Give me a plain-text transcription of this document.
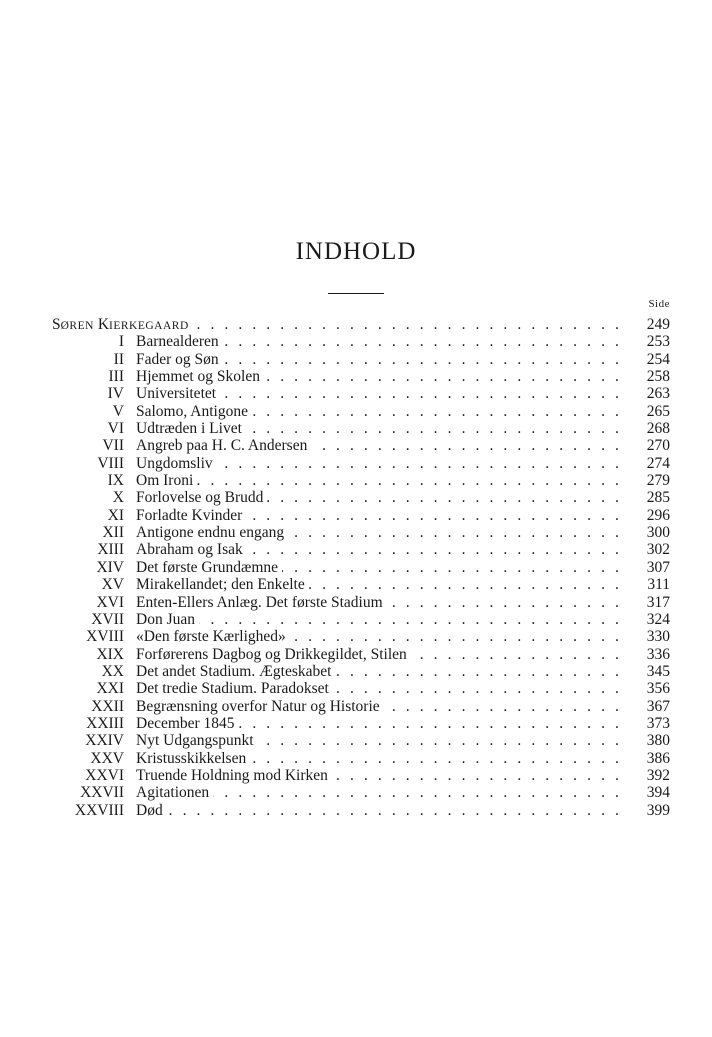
INDHOLD
Side
SØREN KIERKEGAARD . . .	249
I Barnealderen . . .	253
II Fader og Søn . . .	254
III Hjemmet og Skolen . . .	258
IV Universitetet . . .	263
V Salomo, Antigone . . .	265
VI Udtræden i Livet . . .	268
VII Angreb paa H. C. Andersen . . .	270
VIII Ungdomsliv . . .	274
IX Om Ironi . . .	279
X Forlovelse og Brudd . . .	285
XI Forladte Kvinder . . .	296
XII Antigone endnu engang . . .	300
XIII Abraham og Isak . . .	302
XIV Det første Grundæmne . . .	307
XV Mirakellandet; den Enkelte . . .	311
XVI Enten-Ellers Anlæg. Det første Stadium . . .	317
XVII Don Juan . . .	324
XVIII «Den første Kærlighed» . . .	330
XIX Forførerens Dagbog og Drikkegildet, Stilen . . .	336
XX Det andet Stadium. Ægteskabet . . .	345
XXI Det tredie Stadium. Paradokset . . .	356
XXII Begrænsning overfor Natur og Historie . . .	367
XXIII December 1845 . . .	373
XXIV Nyt Udgangspunkt . . .	380
XXV Kristusskikkelsen . . .	386
XXVI Truende Holdning mod Kirken . . .	392
XXVII Agitationen . . .	394
XXVIII Død . . .	399
